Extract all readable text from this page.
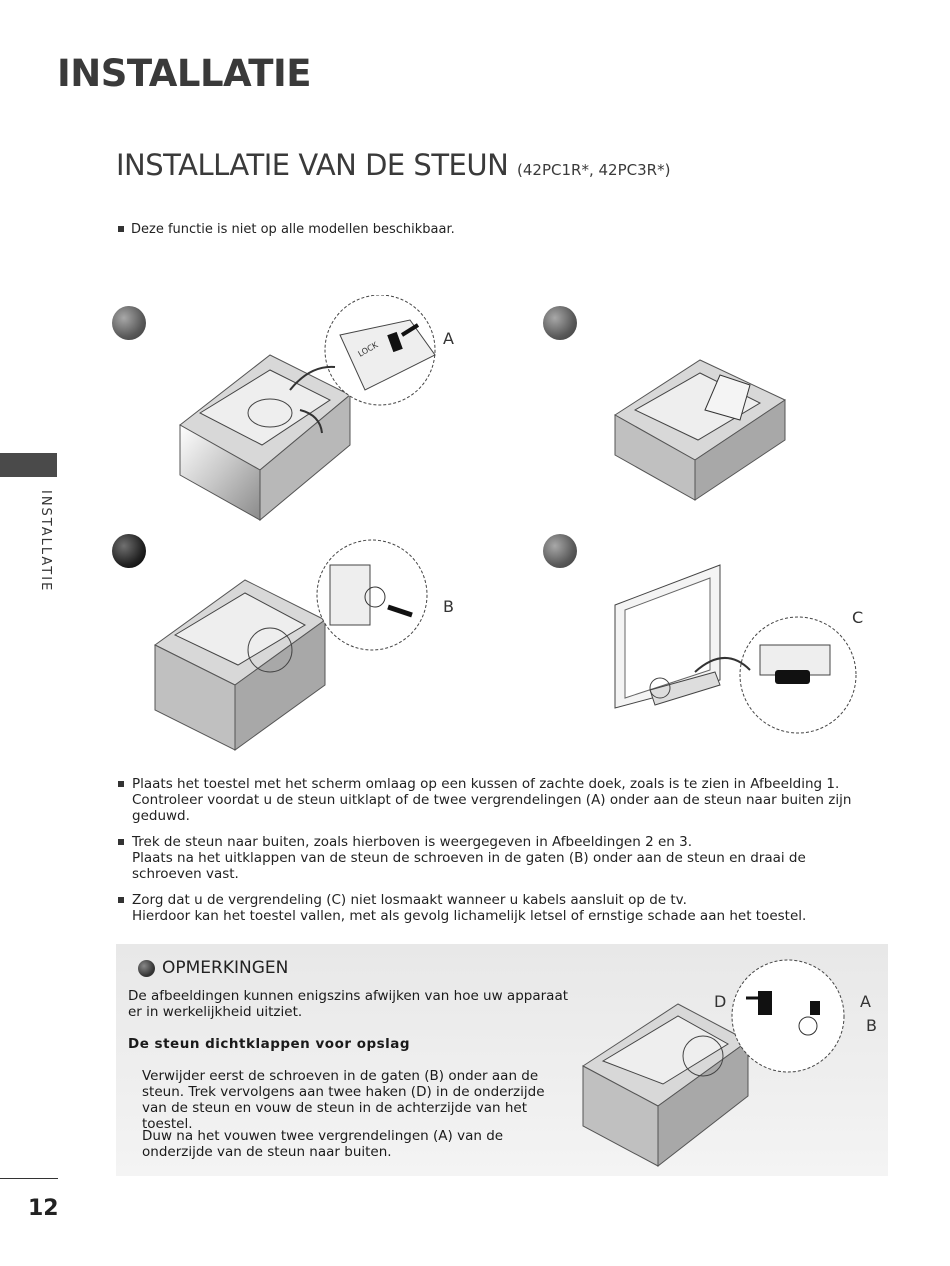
INSTALLATIE
INSTALLATIE VAN DE STEUN (42PC1R*, 42PC3R*)
Deze functie is niet op alle modellen beschikbaar.
INSTALLATIE
LOCK
A
B
C
Plaats het toestel met het scherm omlaag op een kussen of zachte doek, zoals is te zien in Afbeelding 1.
Controleer voordat u de steun uitklapt of de twee vergrendelingen (A) onder aan de steun naar buiten zijn geduwd.
Trek de steun naar buiten, zoals hierboven is weergegeven in Afbeeldingen 2 en 3.
Plaats na het uitklappen van de steun de schroeven in de gaten (B) onder aan de steun en draai de schroeven vast.
Zorg dat u de vergrendeling (C) niet losmaakt wanneer u kabels aansluit op de tv.
Hierdoor kan het toestel vallen, met als gevolg lichamelijk letsel of ernstige schade aan het toestel.
OPMERKINGEN
De afbeeldingen kunnen enigszins afwijken van hoe uw apparaat er in werkelijkheid uitziet.
De steun dichtklappen voor opslag
Verwijder eerst de schroeven in de gaten (B) onder aan de steun. Trek vervolgens aan twee haken (D) in de onderzijde van de steun en vouw de steun in de achterzijde van het toestel.
Duw na het vouwen twee vergrendelingen (A) van de onderzijde van de steun naar buiten.
D	A
B
12
